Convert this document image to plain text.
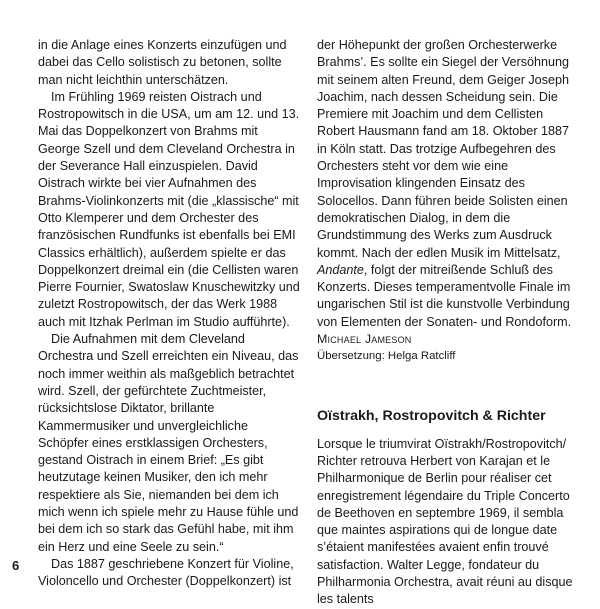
in die Anlage eines Konzerts einzufügen und dabei das Cello solistisch zu betonen, sollte man nicht leichthin unterschätzen.

Im Frühling 1969 reisten Oistrach und Rostropowitsch in die USA, um am 12. und 13. Mai das Doppelkonzert von Brahms mit George Szell und dem Cleveland Orchestra in der Severance Hall einzuspielen. David Oistrach wirkte bei vier Aufnahmen des Brahms-Violinkonzerts mit (die „klassische“ mit Otto Klemperer und dem Orchester des französischen Rundfunks ist ebenfalls bei EMI Classics erhältlich), außerdem spielte er das Doppelkonzert dreimal ein (die Cellisten waren Pierre Fournier, Swatoslaw Knuschewitzky und zuletzt Rostropowitsch, der das Werk 1988 auch mit Itzhak Perlman im Studio aufführte).

Die Aufnahmen mit dem Cleveland Orchestra und Szell erreichten ein Niveau, das noch immer weithin als maßgeblich betrachtet wird. Szell, der gefürchtete Zuchtmeister, rücksichtslose Diktator, brillante Kammermusiker und unvergleichliche Schöpfer eines erstklassigen Orchesters, gestand Oistrach in einem Brief: „Es gibt heutzutage keinen Musiker, den ich mehr respektiere als Sie, niemanden bei dem ich mich wenn ich spiele mehr zu Hause fühle und bei dem ich so stark das Gefühl habe, mit ihm ein Herz und eine Seele zu sein.“

Das 1887 geschriebene Konzert für Violine, Violoncello und Orchester (Doppelkonzert) ist

der Höhepunkt der großen Orchesterwerke Brahms’. Es sollte ein Siegel der Versöhnung mit seinem alten Freund, dem Geiger Joseph Joachim, nach dessen Scheidung sein. Die Premiere mit Joachim und dem Cellisten Robert Hausmann fand am 18. Oktober 1887 in Köln statt. Das trotzige Aufbegehren des Orchesters steht vor dem wie eine Improvisation klingenden Einsatz des Solocellos. Dann führen beide Solisten einen demokratischen Dialog, in dem die Grundstimmung des Werks zum Ausdruck kommt. Nach der edlen Musik im Mittelsatz, Andante, folgt der mitreißende Schluß des Konzerts. Dieses temperamentvolle Finale im ungarischen Stil ist die kunstvolle Verbindung von Elementen der Sonaten- und Rondoform.

Michael Jameson

Übersetzung: Helga Ratcliff

Oïstrakh, Rostropovitch & Richter

Lorsque le triumvirat Oïstrakh/Rostropovitch/ Richter retrouva Herbert von Karajan et le Philharmonique de Berlin pour réaliser cet enregistrement légendaire du Triple Concerto de Beethoven en septembre 1969, il sembla que maintes aspirations qui de longue date s’étaient manifestées avaient enfin trouvé satisfaction. Walter Legge, fondateur du Philharmonia Orchestra, avait réuni au disque les talents

6
